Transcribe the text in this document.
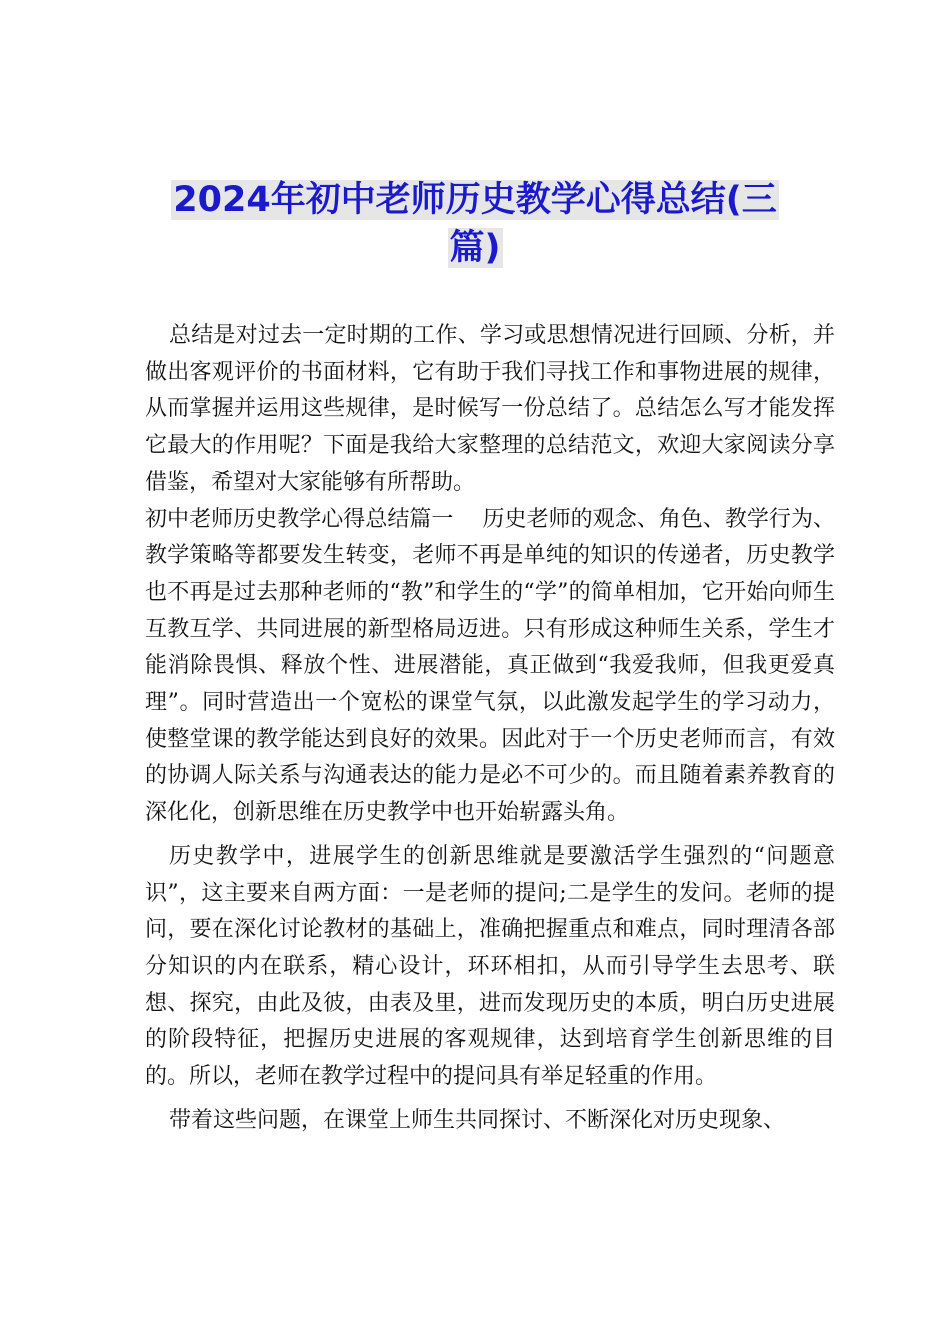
2024年初中老师历史教学心得总结(三
篇)

总结是对过去一定时期的工作、学习或思想情况进行回顾、分析，并做出客观评价的书面材料，它有助于我们寻找工作和事物进展的规律，从而掌握并运用这些规律，是时候写一份总结了。总结怎么写才能发挥它最大的作用呢？下面是我给大家整理的总结范文，欢迎大家阅读分享借鉴，希望对大家能够有所帮助。

初中老师历史教学心得总结篇一　 历史老师的观念、角色、教学行为、教学策略等都要发生转变，老师不再是单纯的知识的传递者，历史教学也不再是过去那种老师的“教”和学生的“学”的简单相加，它开始向师生互教互学、共同进展的新型格局迈进。只有形成这种师生关系，学生才能消除畏惧、释放个性、进展潜能，真正做到“我爱我师，但我更爱真理”。同时营造出一个宽松的课堂气氛，以此激发起学生的学习动力，使整堂课的教学能达到良好的效果。因此对于一个历史老师而言，有效的协调人际关系与沟通表达的能力是必不可少的。而且随着素养教育的深化化，创新思维在历史教学中也开始崭露头角。

历史教学中，进展学生的创新思维就是要激活学生强烈的“问题意识”，这主要来自两方面：一是老师的提问;二是学生的发问。老师的提问，要在深化讨论教材的基础上，准确把握重点和难点，同时理清各部分知识的内在联系，精心设计，环环相扣，从而引导学生去思考、联想、探究，由此及彼，由表及里，进而发现历史的本质，明白历史进展的阶段特征，把握历史进展的客观规律，达到培育学生创新思维的目的。所以，老师在教学过程中的提问具有举足轻重的作用。

带着这些问题，在课堂上师生共同探讨、不断深化对历史现象、
